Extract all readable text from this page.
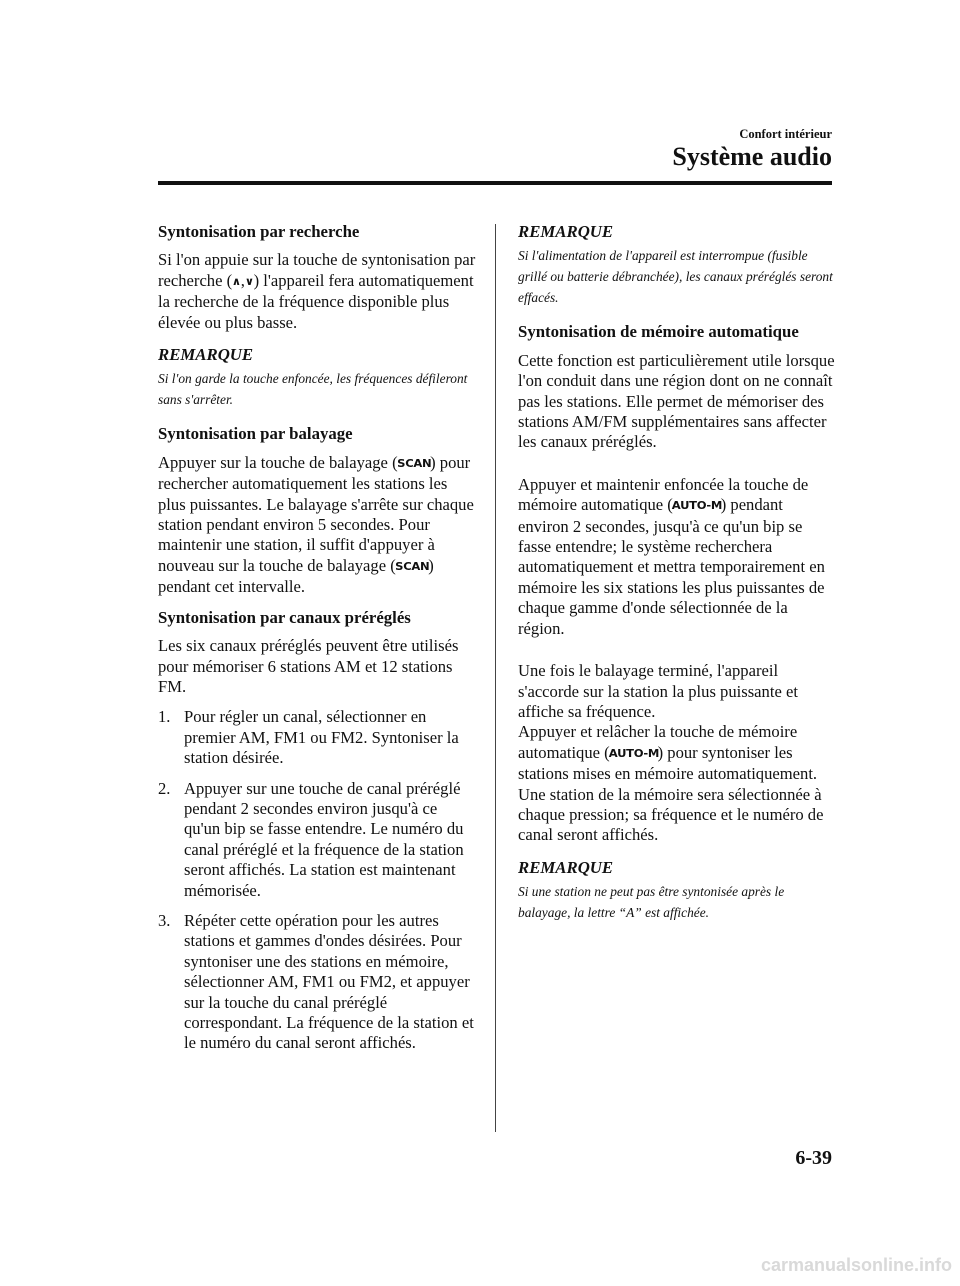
Confort intérieur
Système audio
Syntonisation par recherche
Si l'on appuie sur la touche de syntonisation par recherche (∧,∨) l'appareil fera automatiquement la recherche de la fréquence disponible plus élevée ou plus basse.
REMARQUE
Si l'on garde la touche enfoncée, les fréquences défileront sans s'arrêter.
Syntonisation par balayage
Appuyer sur la touche de balayage (SCAN) pour rechercher automatiquement les stations les plus puissantes. Le balayage s'arrête sur chaque station pendant environ 5 secondes. Pour maintenir une station, il suffit d'appuyer à nouveau sur la touche de balayage (SCAN) pendant cet intervalle.
Syntonisation par canaux préréglés
Les six canaux préréglés peuvent être utilisés pour mémoriser 6 stations AM et 12 stations FM.
1. Pour régler un canal, sélectionner en premier AM, FM1 ou FM2. Syntoniser la station désirée.
2. Appuyer sur une touche de canal préréglé pendant 2 secondes environ jusqu'à ce qu'un bip se fasse entendre. Le numéro du canal préréglé et la fréquence de la station seront affichés. La station est maintenant mémorisée.
3. Répéter cette opération pour les autres stations et gammes d'ondes désirées. Pour syntoniser une des stations en mémoire, sélectionner AM, FM1 ou FM2, et appuyer sur la touche du canal préréglé correspondant. La fréquence de la station et le numéro du canal seront affichés.
REMARQUE
Si l'alimentation de l'appareil est interrompue (fusible grillé ou batterie débranchée), les canaux préréglés seront effacés.
Syntonisation de mémoire automatique
Cette fonction est particulièrement utile lorsque l'on conduit dans une région dont on ne connaît pas les stations. Elle permet de mémoriser des stations AM/FM supplémentaires sans affecter les canaux préréglés.
Appuyer et maintenir enfoncée la touche de mémoire automatique (AUTO-M) pendant environ 2 secondes, jusqu'à ce qu'un bip se fasse entendre; le système recherchera automatiquement et mettra temporairement en mémoire les six stations les plus puissantes de chaque gamme d'onde sélectionnée de la région.
Une fois le balayage terminé, l'appareil s'accorde sur la station la plus puissante et affiche sa fréquence.
Appuyer et relâcher la touche de mémoire automatique (AUTO-M) pour syntoniser les stations mises en mémoire automatiquement. Une station de la mémoire sera sélectionnée à chaque pression; sa fréquence et le numéro de canal seront affichés.
REMARQUE
Si une station ne peut pas être syntonisée après le balayage, la lettre “A” est affichée.
6-39
carmanualsonline.info
